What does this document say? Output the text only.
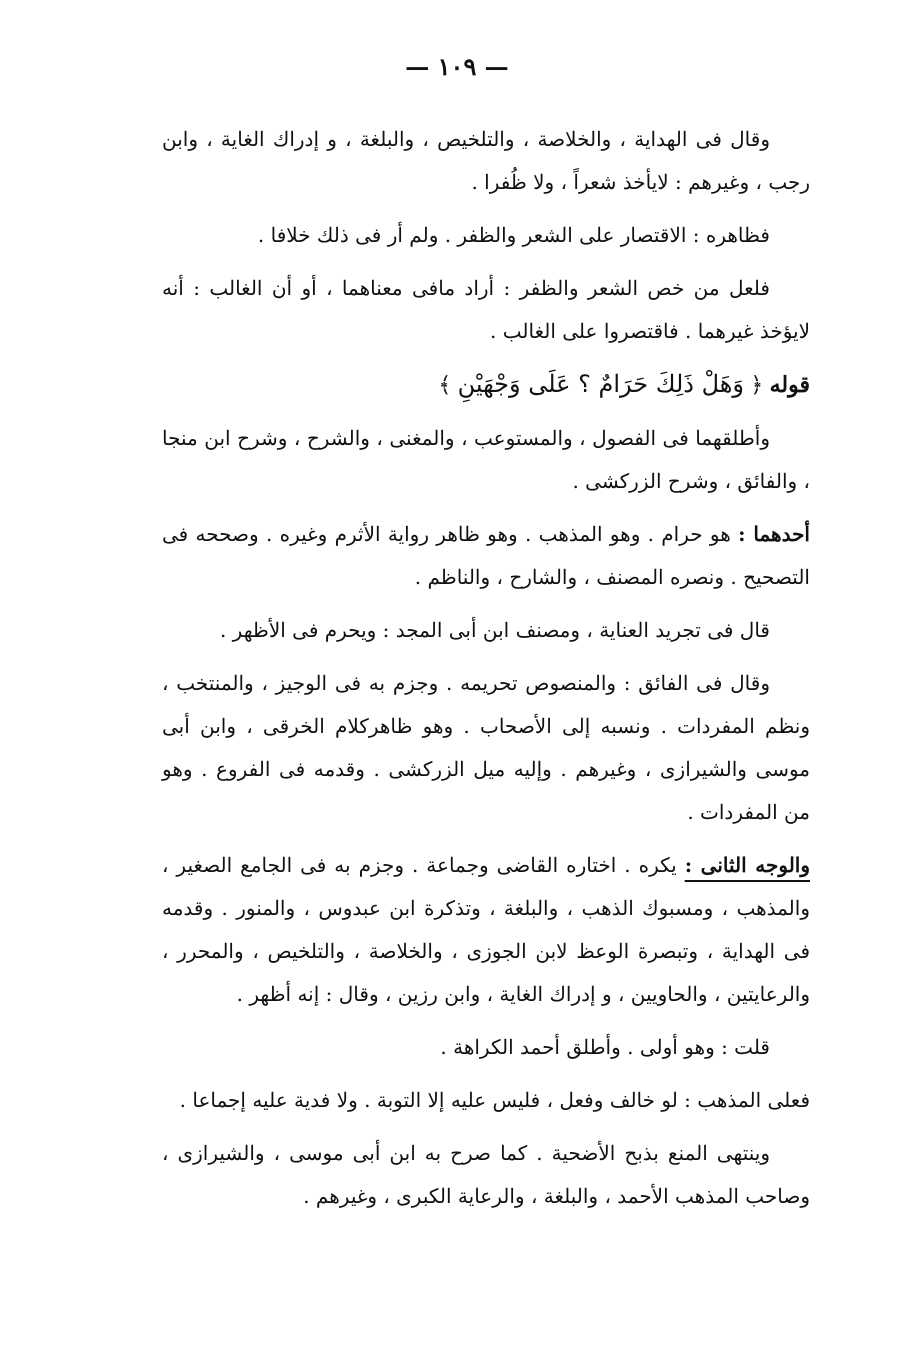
— ١٠٩ —

وقال فى الهداية ، والخلاصة ، والتلخيص ، والبلغة ، و إدراك الغاية ، وابن رجب ، وغيرهم : لايأخذ شعراً ، ولا ظُفرا .

فظاهره : الاقتصار على الشعر والظفر . ولم أر فى ذلك خلافا .

فلعل من خص الشعر والظفر : أراد مافى معناهما ، أو أن الغالب : أنه لايؤخذ غيرهما . فاقتصروا على الغالب .

قوله ﴿ وَهَلْ ذَلِكَ حَرَامٌ ؟ عَلَى وَجْهَيْنِ ﴾

وأطلقهما فى الفصول ، والمستوعب ، والمغنى ، والشرح ، وشرح ابن منجا ، والفائق ، وشرح الزركشى .

أحدهما : هو حرام . وهو المذهب . وهو ظاهر رواية الأثرم وغيره . وصححه فى التصحيح . ونصره المصنف ، والشارح ، والناظم .

قال فى تجريد العناية ، ومصنف ابن أبى المجد : ويحرم فى الأظهر .

وقال فى الفائق : والمنصوص تحريمه . وجزم به فى الوجيز ، والمنتخب ، ونظم المفردات . ونسبه إلى الأصحاب . وهو ظاهركلام الخرقى ، وابن أبى موسى والشيرازى ، وغيرهم . وإليه ميل الزركشى . وقدمه فى الفروع . وهو من المفردات .

والوجه الثانى : يكره . اختاره القاضى وجماعة . وجزم به فى الجامع الصغير ، والمذهب ، ومسبوك الذهب ، والبلغة ، وتذكرة ابن عبدوس ، والمنور . وقدمه فى الهداية ، وتبصرة الوعظ لابن الجوزى ، والخلاصة ، والتلخيص ، والمحرر ، والرعايتين ، والحاويين ، و إدراك الغاية ، وابن رزين ، وقال : إنه أظهر .

قلت : وهو أولى . وأطلق أحمد الكراهة .

فعلى المذهب : لو خالف وفعل ، فليس عليه إلا التوبة . ولا فدية عليه إجماعا .

وينتهى المنع بذبح الأضحية . كما صرح به ابن أبى موسى ، والشيرازى ، وصاحب المذهب الأحمد ، والبلغة ، والرعاية الكبرى ، وغيرهم .
